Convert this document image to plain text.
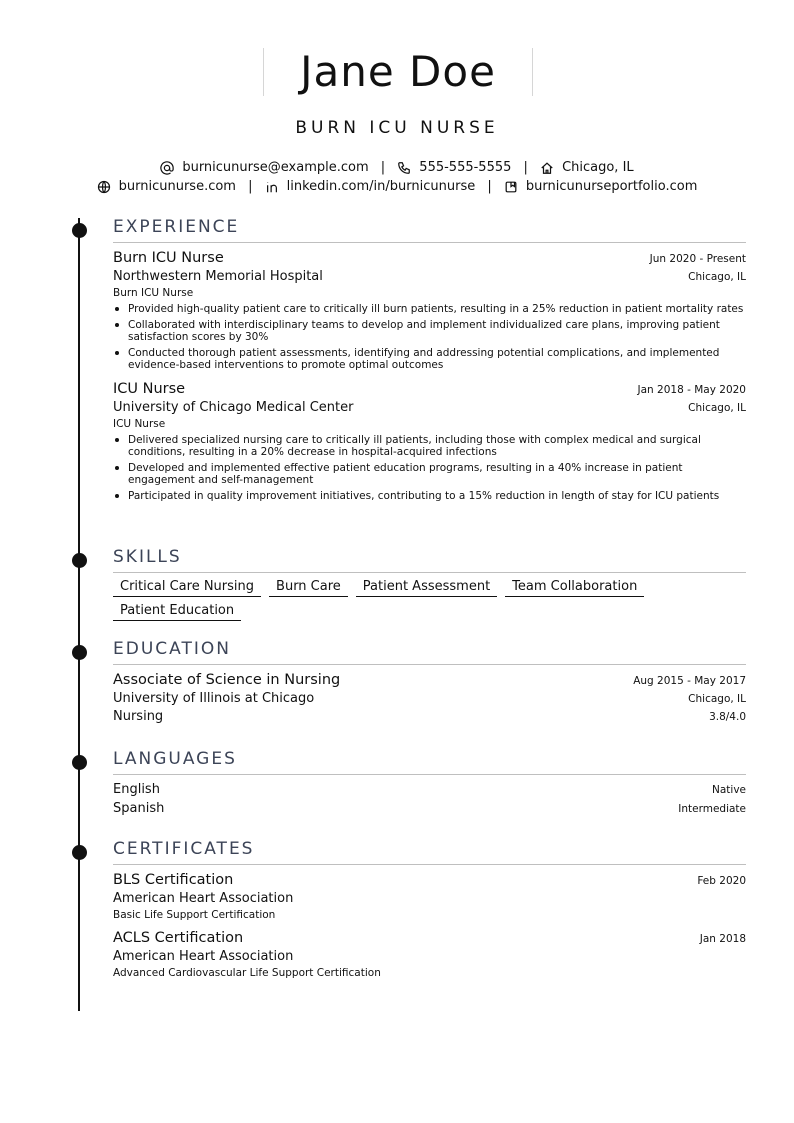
Jane Doe
BURN ICU NURSE
burnicunurse@example.com |	555-555-5555 |	Chicago, IL
burnicunurse.com |	linkedin.com/in/burnicunurse |	burnicunurseportfolio.com
EXPERIENCE
Burn ICU Nurse	Jun 2020 - Present
Northwestern Memorial Hospital	Chicago, IL
Burn ICU Nurse
Provided high-quality patient care to critically ill burn patients, resulting in a 25% reduction in patient mortality rates
Collaborated with interdisciplinary teams to develop and implement individualized care plans, improving patient satisfaction scores by 30%
Conducted thorough patient assessments, identifying and addressing potential complications, and implemented evidence-based interventions to promote optimal outcomes
ICU Nurse	Jan 2018 - May 2020
University of Chicago Medical Center	Chicago, IL
ICU Nurse
Delivered specialized nursing care to critically ill patients, including those with complex medical and surgical conditions, resulting in a 20% decrease in hospital-acquired infections
Developed and implemented effective patient education programs, resulting in a 40% increase in patient engagement and self-management
Participated in quality improvement initiatives, contributing to a 15% reduction in length of stay for ICU patients
SKILLS
Critical Care Nursing	Burn Care	Patient Assessment	Team Collaboration
Patient Education
EDUCATION
Associate of Science in Nursing	Aug 2015 - May 2017
University of Illinois at Chicago	Chicago, IL
Nursing	3.8/4.0
LANGUAGES
English	Native
Spanish	Intermediate
CERTIFICATES
BLS Certification	Feb 2020
American Heart Association
Basic Life Support Certification
ACLS Certification	Jan 2018
American Heart Association
Advanced Cardiovascular Life Support Certification
